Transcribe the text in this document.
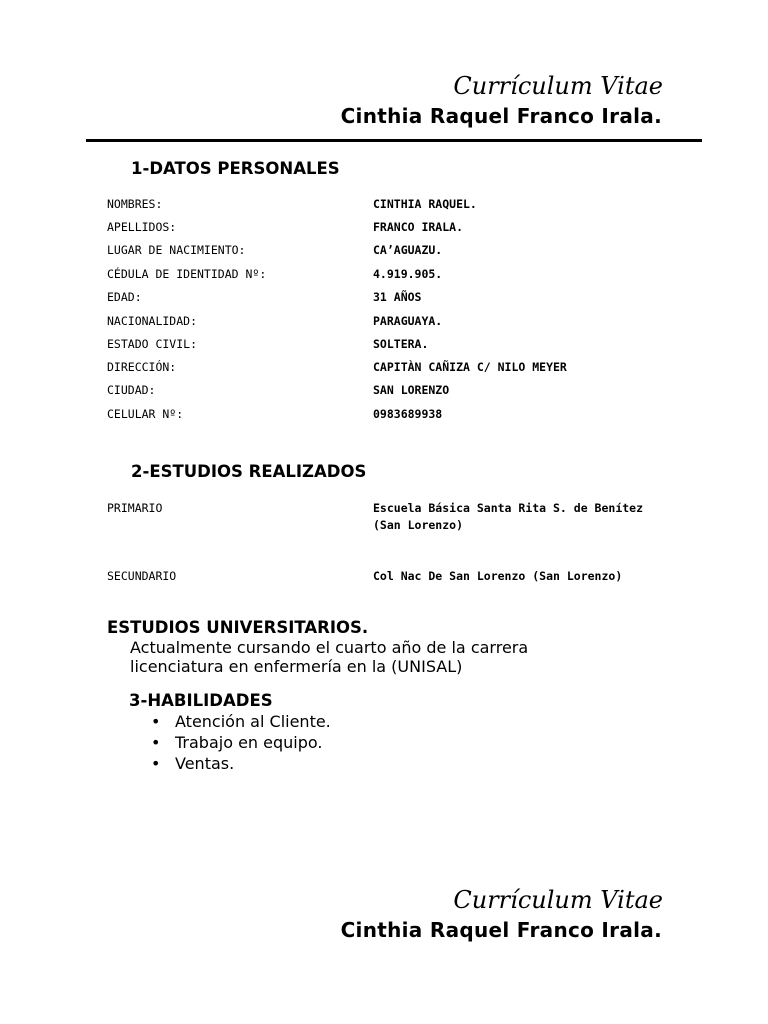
Currículum Vitae
Cinthia Raquel Franco Irala.
1-DATOS PERSONALES
NOMBRES:	CINTHIA RAQUEL.
APELLIDOS:	FRANCO IRALA.
LUGAR DE NACIMIENTO:	CA’AGUAZU.
CÉDULA DE IDENTIDAD Nº:	4.919.905.
EDAD:	31 AÑOS
NACIONALIDAD:	PARAGUAYA.
ESTADO CIVIL:	SOLTERA.
DIRECCIÓN:	CAPITÀN CAÑIZA C/ NILO MEYER
CIUDAD:	SAN LORENZO
CELULAR Nº:	0983689938
2-ESTUDIOS REALIZADOS
PRIMARIO	Escuela Básica Santa Rita S. de Benítez (San Lorenzo)
SECUNDARIO	Col Nac De San Lorenzo (San Lorenzo)
ESTUDIOS UNIVERSITARIOS.
Actualmente cursando el cuarto año de la carrera
licenciatura en enfermería en la (UNISAL)
3-HABILIDADES
• Atención al Cliente.
• Trabajo en equipo.
• Ventas.
Currículum Vitae
Cinthia Raquel Franco Irala.
